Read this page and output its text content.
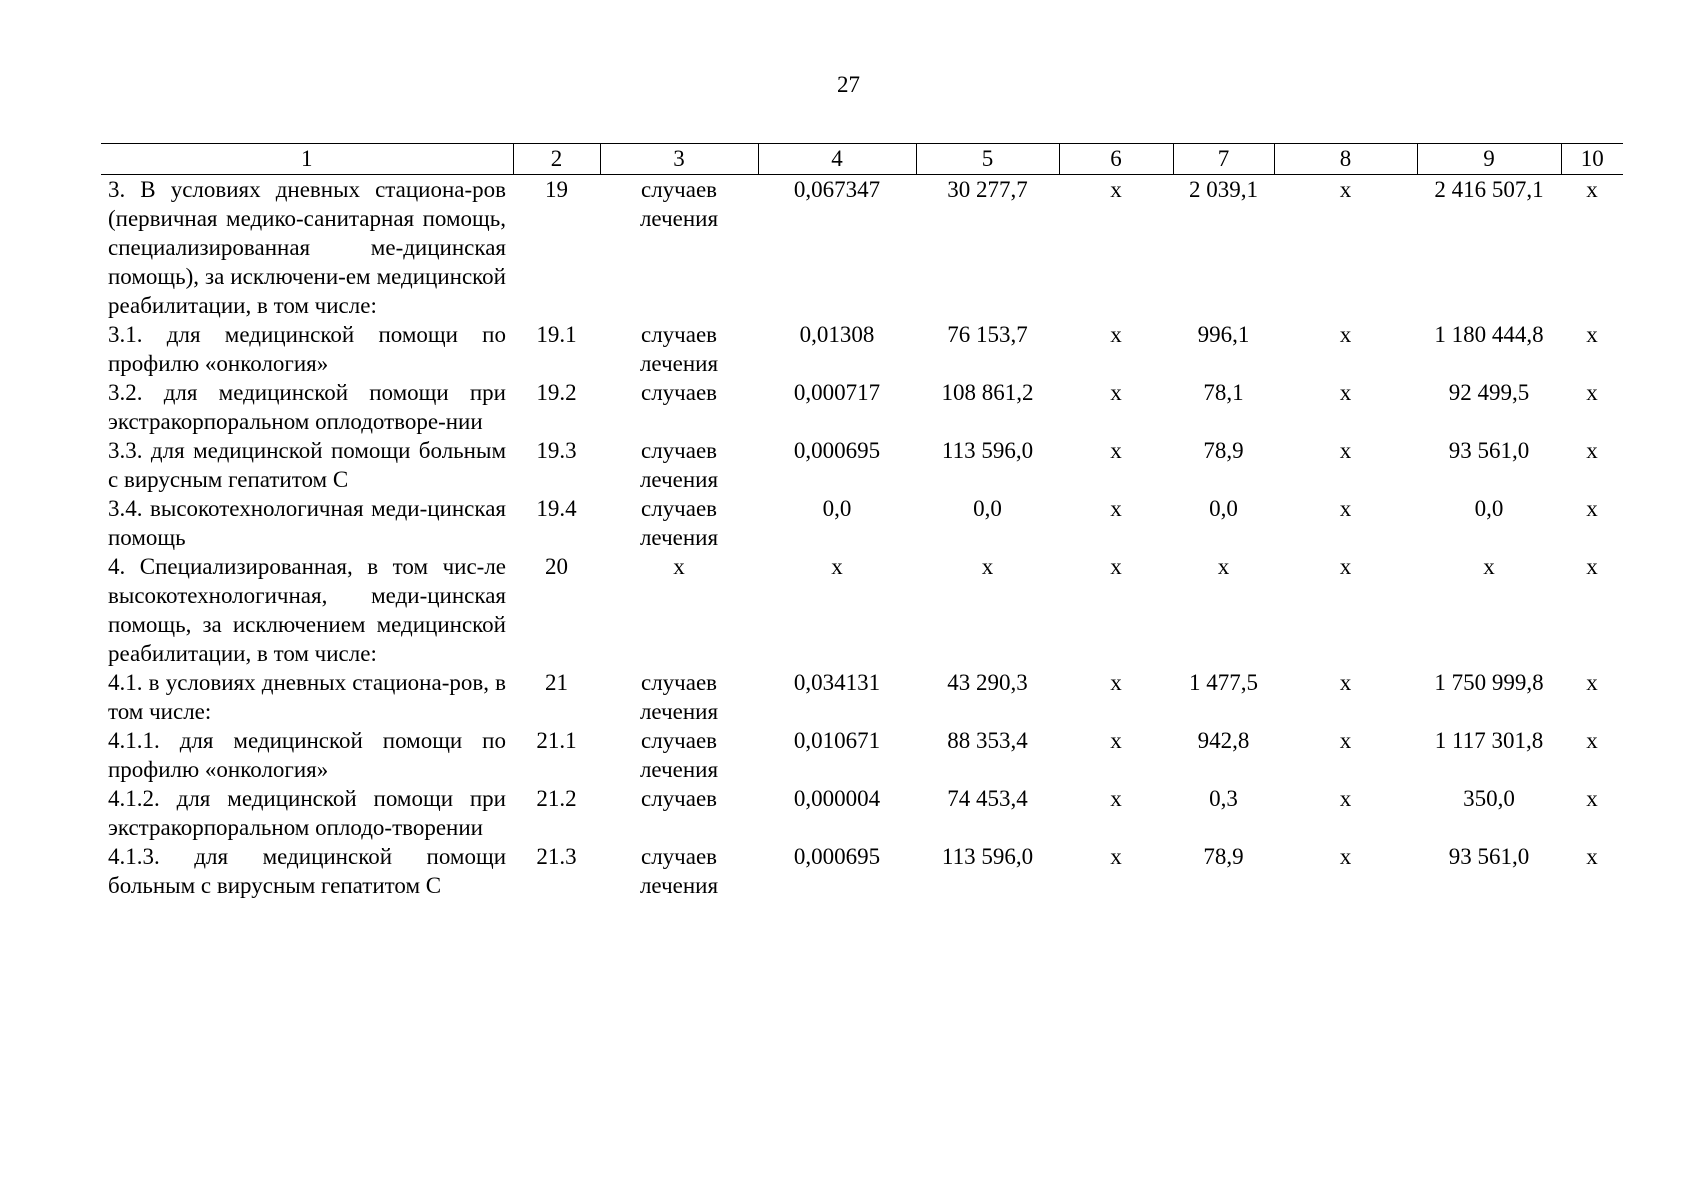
27
1	2	3	4	5	6	7	8	9	10
3. В условиях дневных стациона-ров (первичная медико-санитарная помощь, специализированная ме-дицинская помощь), за исключени-ем медицинской реабилитации, в том числе:	19	случаев лечения	0,067347	30 277,7	х	2 039,1	х	2 416 507,1	х
3.1. для медицинской помощи по профилю «онкология»	19.1	случаев лечения	0,01308	76 153,7	х	996,1	х	1 180 444,8	х
3.2. для медицинской помощи при экстракорпоральном оплодотворе-нии	19.2	случаев	0,000717	108 861,2	х	78,1	х	92 499,5	х
3.3. для медицинской помощи больным с вирусным гепатитом С	19.3	случаев лечения	0,000695	113 596,0	х	78,9	х	93 561,0	х
3.4. высокотехнологичная меди-цинская помощь	19.4	случаев лечения	0,0	0,0	х	0,0	х	0,0	х
4. Специализированная, в том чис-ле высокотехнологичная, меди-цинская помощь, за исключением медицинской реабилитации, в том числе:	20	х	х	х	х	х	х	х	х
4.1. в условиях дневных стациона-ров, в том числе:	21	случаев лечения	0,034131	43 290,3	х	1 477,5	х	1 750 999,8	х
4.1.1. для медицинской помощи по профилю «онкология»	21.1	случаев лечения	0,010671	88 353,4	х	942,8	х	1 117 301,8	х
4.1.2. для медицинской помощи при экстракорпоральном оплодо-творении	21.2	случаев	0,000004	74 453,4	х	0,3	х	350,0	х
4.1.3. для медицинской помощи больным с вирусным гепатитом С	21.3	случаев лечения	0,000695	113 596,0	х	78,9	х	93 561,0	х
